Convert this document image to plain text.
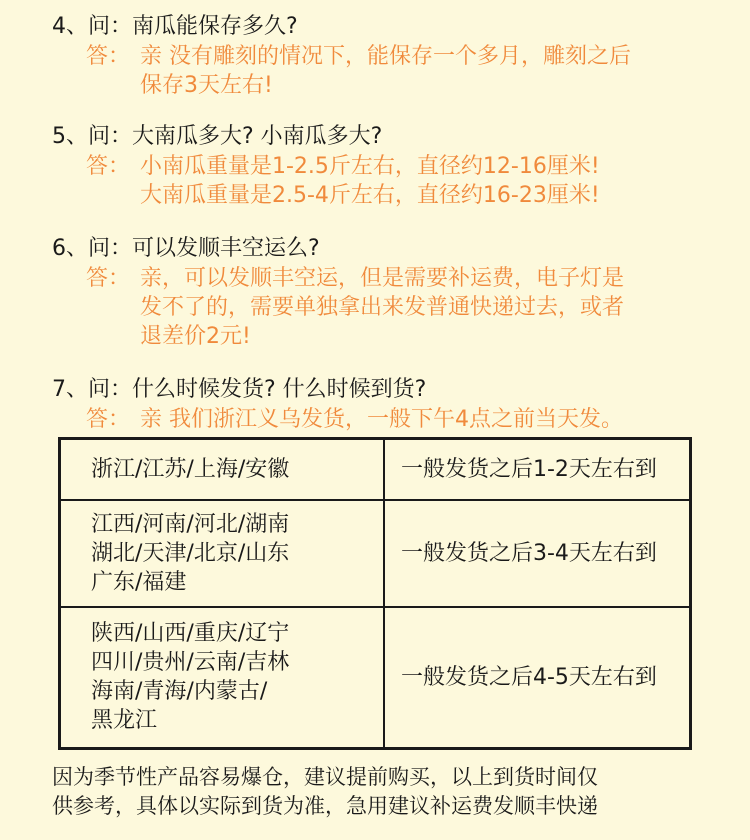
4、问：南瓜能保存多久?
答： 亲 没有雕刻的情况下，能保存一个多月，雕刻之后
保存3天左右!
5、问：大南瓜多大? 小南瓜多大?
答： 小南瓜重量是1-2.5斤左右，直径约12-16厘米!
大南瓜重量是2.5-4斤左右，直径约16-23厘米!
6、问：可以发顺丰空运么?
答： 亲，可以发顺丰空运，但是需要补运费，电子灯是
发不了的，需要单独拿出来发普通快递过去，或者
退差价2元!
7、问：什么时候发货? 什么时候到货?
答： 亲 我们浙江义乌发货，一般下午4点之前当天发。
浙江/江苏/上海/安徽	一般发货之后1-2天左右到

江西/河南/河北/湖南
湖北/天津/北京/山东
广东/福建	一般发货之后3-4天左右到

陕西/山西/重庆/辽宁
四川/贵州/云南/吉林
海南/青海/内蒙古/
黑龙江	一般发货之后4-5天左右到
因为季节性产品容易爆仓，建议提前购买，以上到货时间仅
供参考，具体以实际到货为准，急用建议补运费发顺丰快递
